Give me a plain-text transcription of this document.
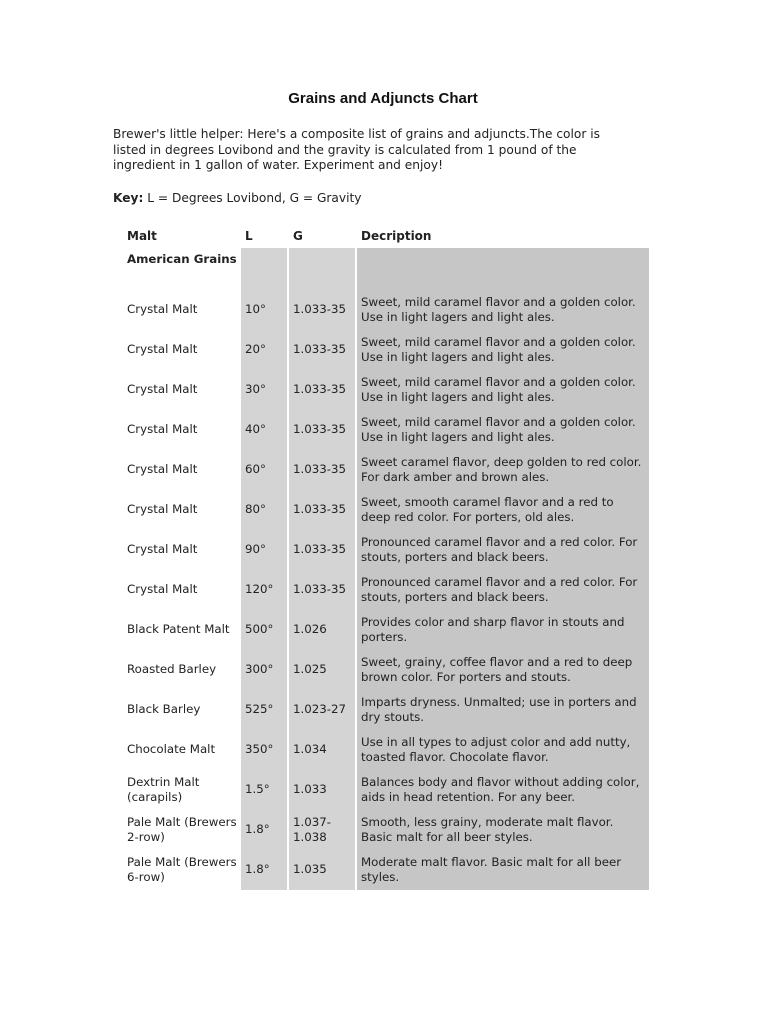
Grains and Adjuncts Chart

Brewer's little helper: Here's a composite list of grains and adjuncts.The color is listed in degrees Lovibond and the gravity is calculated from 1 pound of the ingredient in 1 gallon of water. Experiment and enjoy!

Key: L = Degrees Lovibond, G = Gravity

Malt	L	G	Decription
American Grains			
Crystal Malt	10°	1.033-35	Sweet, mild caramel flavor and a golden color. Use in light lagers and light ales.
Crystal Malt	20°	1.033-35	Sweet, mild caramel flavor and a golden color. Use in light lagers and light ales.
Crystal Malt	30°	1.033-35	Sweet, mild caramel flavor and a golden color. Use in light lagers and light ales.
Crystal Malt	40°	1.033-35	Sweet, mild caramel flavor and a golden color. Use in light lagers and light ales.
Crystal Malt	60°	1.033-35	Sweet caramel flavor, deep golden to red color. For dark amber and brown ales.
Crystal Malt	80°	1.033-35	Sweet, smooth caramel flavor and a red to deep red color. For porters, old ales.
Crystal Malt	90°	1.033-35	Pronounced caramel flavor and a red color. For stouts, porters and black beers.
Crystal Malt	120°	1.033-35	Pronounced caramel flavor and a red color. For stouts, porters and black beers.
Black Patent Malt	500°	1.026	Provides color and sharp flavor in stouts and porters.
Roasted Barley	300°	1.025	Sweet, grainy, coffee flavor and a red to deep brown color. For porters and stouts.
Black Barley	525°	1.023-27	Imparts dryness. Unmalted; use in porters and dry stouts.
Chocolate Malt	350°	1.034	Use in all types to adjust color and add nutty, toasted flavor. Chocolate flavor.
Dextrin Malt (carapils)	1.5°	1.033	Balances body and flavor without adding color, aids in head retention. For any beer.
Pale Malt (Brewers 2-row)	1.8°	1.037-1.038	Smooth, less grainy, moderate malt flavor. Basic malt for all beer styles.
Pale Malt (Brewers 6-row)	1.8°	1.035	Moderate malt flavor. Basic malt for all beer styles.
